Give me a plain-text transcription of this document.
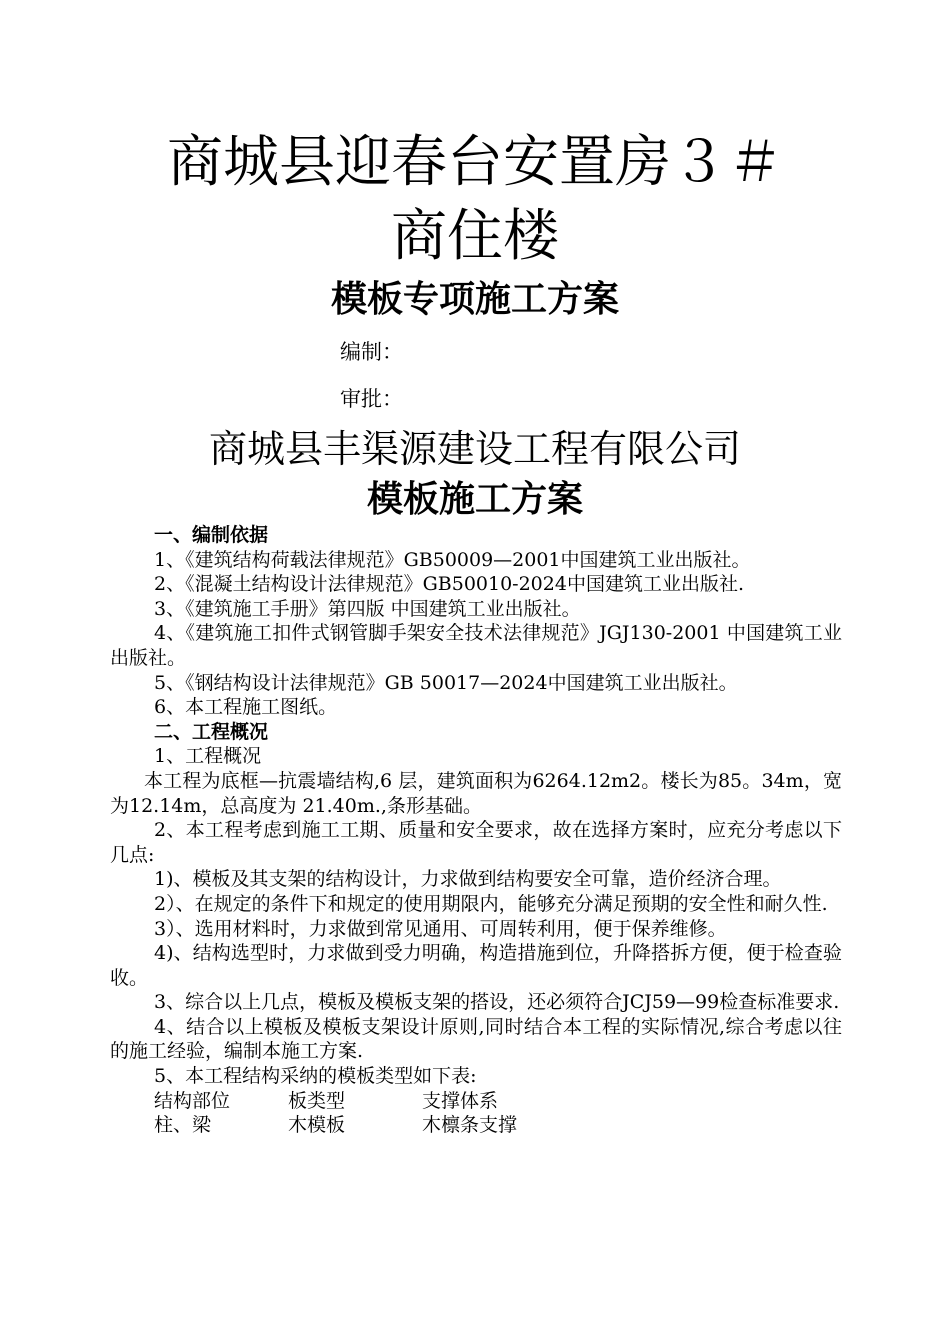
商城县迎春台安置房３＃
商住楼
模板专项施工方案
编制：
审批：
商城县丰渠源建设工程有限公司
模板施工方案

一、编制依据

1、《建筑结构荷载法律规范》GB50009—2001中国建筑工业出版社。

2、《混凝土结构设计法律规范》GB50010-2024中国建筑工业出版社.

3、《建筑施工手册》第四版 中国建筑工业出版社。

4、《建筑施工扣件式钢管脚手架安全技术法律规范》JGJ130-2001 中国建筑工业出版社。

5、《钢结构设计法律规范》GB 50017—2024中国建筑工业出版社。

6、本工程施工图纸。

二、工程概况

1、工程概况

本工程为底框—抗震墙结构,6 层，建筑面积为6264.12m2。楼长为85。34m，宽为12.14m，总高度为 21.40m.,条形基础。

2、本工程考虑到施工工期、质量和安全要求，故在选择方案时，应充分考虑以下几点:

1)、模板及其支架的结构设计，力求做到结构要安全可靠，造价经济合理。

2）、在规定的条件下和规定的使用期限内，能够充分满足预期的安全性和耐久性.

3）、选用材料时，力求做到常见通用、可周转利用，便于保养维修。

4)、结构选型时，力求做到受力明确，构造措施到位，升降搭拆方便，便于检查验收。

3、综合以上几点，模板及模板支架的搭设，还必须符合JCJ59—99检查标准要求.

4、结合以上模板及模板支架设计原则,同时结合本工程的实际情况,综合考虑以往的施工经验，编制本施工方案.

5、本工程结构采纳的模板类型如下表:

结构部位	板类型	支撑体系
柱、梁	木模板	木檩条支撑
